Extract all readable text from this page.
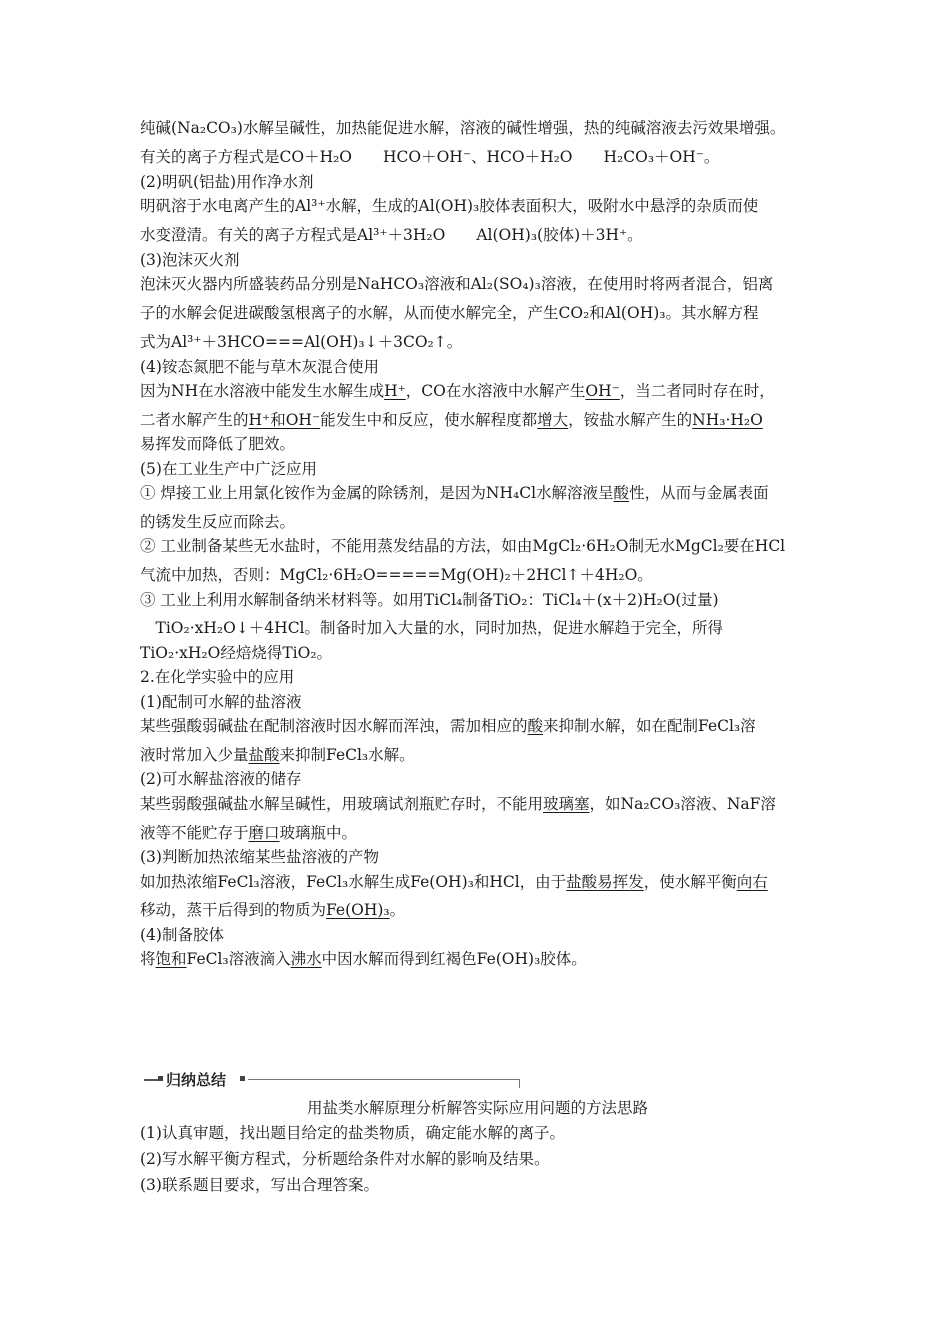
纯碱(Na₂CO₃)水解呈碱性，加热能促进水解，溶液的碱性增强，热的纯碱溶液去污效果增强。

有关的离子方程式是CO＋H₂O　　HCO＋OH⁻、HCO＋H₂O　　H₂CO₃＋OH⁻。

(2)明矾(铝盐)用作净水剂

明矾溶于水电离产生的Al³⁺水解，生成的Al(OH)₃胶体表面积大，吸附水中悬浮的杂质而使

水变澄清。有关的离子方程式是Al³⁺＋3H₂O　　Al(OH)₃(胶体)＋3H⁺。

(3)泡沫灭火剂

泡沫灭火器内所盛装药品分别是NaHCO₃溶液和Al₂(SO₄)₃溶液，在使用时将两者混合，铝离

子的水解会促进碳酸氢根离子的水解，从而使水解完全，产生CO₂和Al(OH)₃。其水解方程

式为Al³⁺＋3HCO===Al(OH)₃↓＋3CO₂↑。

(4)铵态氮肥不能与草木灰混合使用

因为NH在水溶液中能发生水解生成H⁺，CO在水溶液中水解产生OH⁻，当二者同时存在时，

二者水解产生的H⁺和OH⁻能发生中和反应，使水解程度都增大，铵盐水解产生的NH₃·H₂O

易挥发而降低了肥效。

(5)在工业生产中广泛应用

① 焊接工业上用氯化铵作为金属的除锈剂，是因为NH₄Cl水解溶液呈酸性，从而与金属表面

的锈发生反应而除去。

② 工业制备某些无水盐时，不能用蒸发结晶的方法，如由MgCl₂·6H₂O制无水MgCl₂要在HCl

气流中加热，否则：MgCl₂·6H₂O=====Mg(OH)₂＋2HCl↑＋4H₂O。

③ 工业上利用水解制备纳米材料等。如用TiCl₄制备TiO₂：TiCl₄＋(x＋2)H₂O(过量)

　TiO₂·xH₂O↓＋4HCl。制备时加入大量的水，同时加热，促进水解趋于完全，所得

TiO₂·xH₂O经焙烧得TiO₂。

2.在化学实验中的应用

(1)配制可水解的盐溶液

某些强酸弱碱盐在配制溶液时因水解而浑浊，需加相应的酸来抑制水解，如在配制FeCl₃溶

液时常加入少量盐酸来抑制FeCl₃水解。

(2)可水解盐溶液的储存

某些弱酸强碱盐水解呈碱性，用玻璃试剂瓶贮存时，不能用玻璃塞，如Na₂CO₃溶液、NaF溶

液等不能贮存于磨口玻璃瓶中。

(3)判断加热浓缩某些盐溶液的产物

如加热浓缩FeCl₃溶液，FeCl₃水解生成Fe(OH)₃和HCl，由于盐酸易挥发，使水解平衡向右

移动，蒸干后得到的物质为Fe(OH)₃。

(4)制备胶体

将饱和FeCl₃溶液滴入沸水中因水解而得到红褐色Fe(OH)₃胶体。

归纳总结

用盐类水解原理分析解答实际应用问题的方法思路

(1)认真审题，找出题目给定的盐类物质，确定能水解的离子。

(2)写水解平衡方程式，分析题给条件对水解的影响及结果。

(3)联系题目要求，写出合理答案。
